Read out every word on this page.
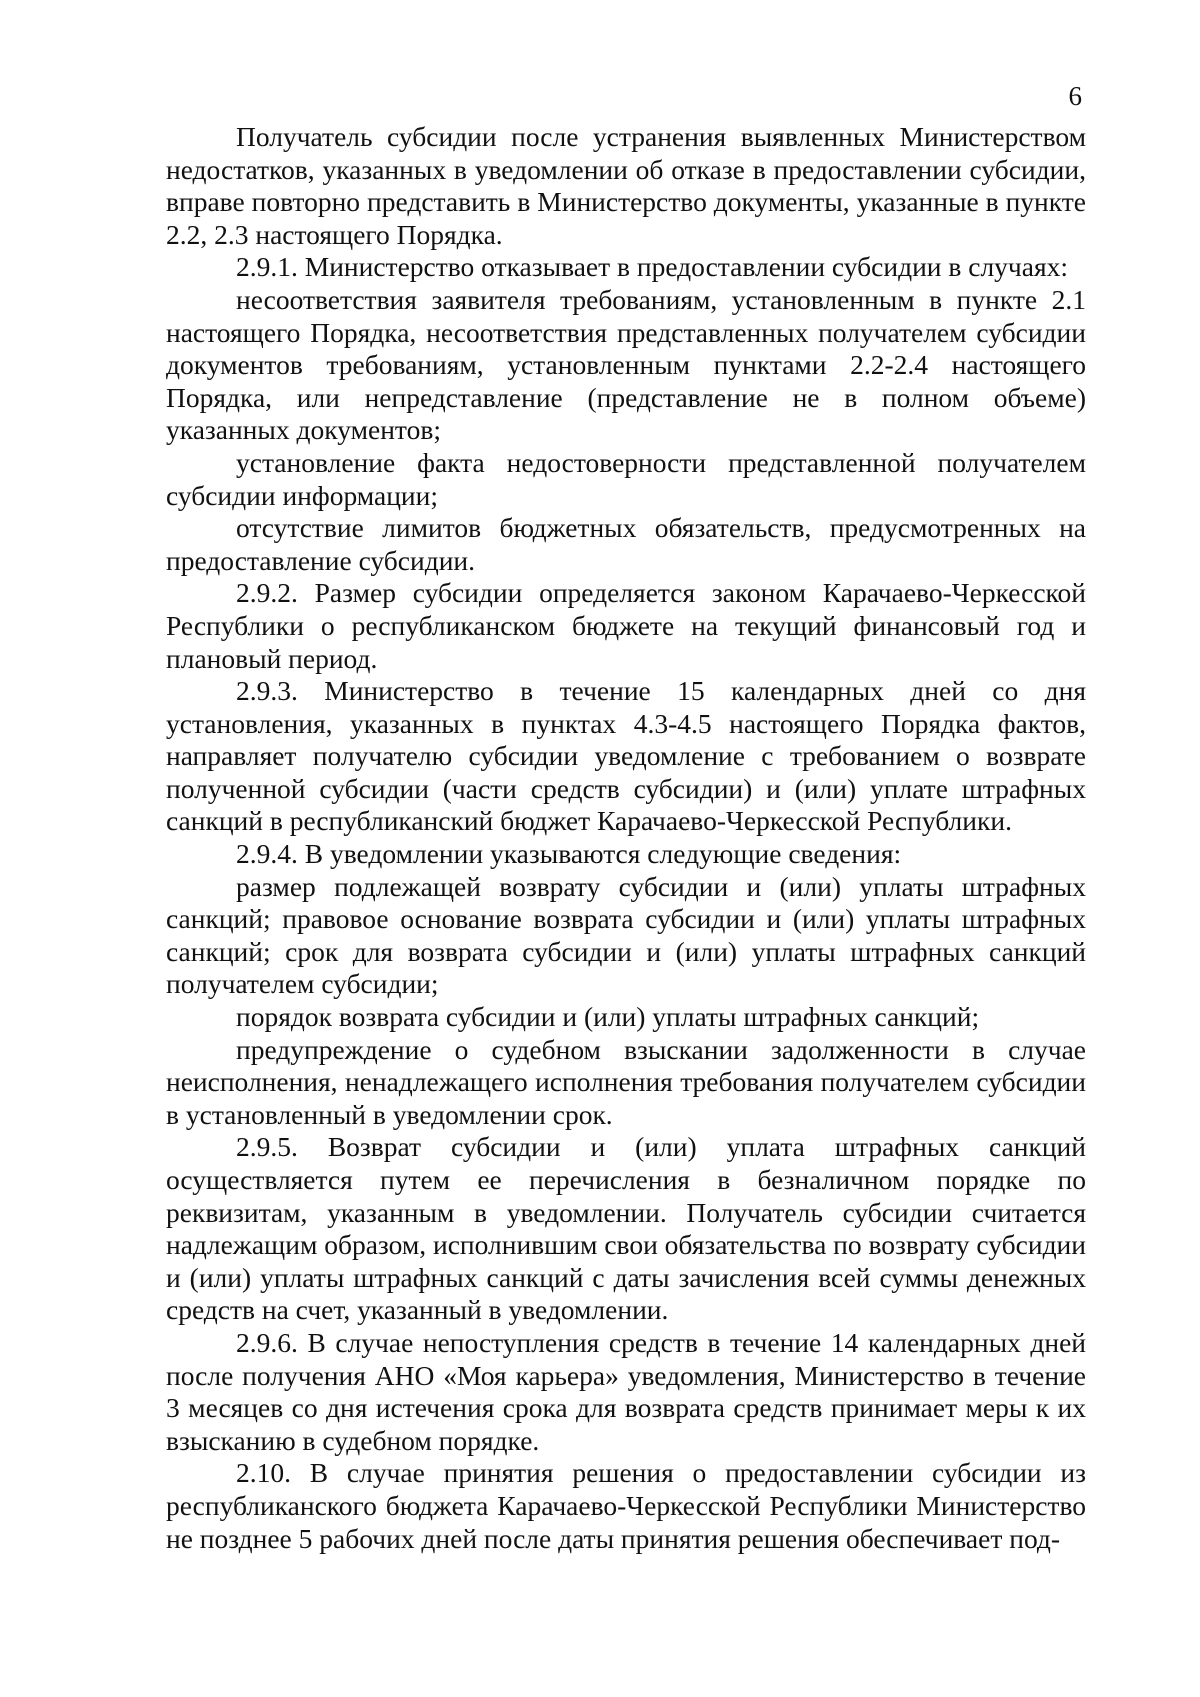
6

Получатель субсидии после устранения выявленных Министерством недостатков, указанных в уведомлении об отказе в предоставлении субсидии, вправе повторно представить в Министерство документы, указанные в пункте 2.2, 2.3 настоящего Порядка.

2.9.1. Министерство отказывает в предоставлении субсидии в случаях:

несоответствия заявителя требованиям, установленным в пункте 2.1 настоящего Порядка, несоответствия представленных получателем субсидии документов требованиям, установленным пунктами 2.2-2.4 настоящего Порядка, или непредставление (представление не в полном объеме) указанных документов;

установление факта недостоверности представленной получателем субсидии информации;

отсутствие лимитов бюджетных обязательств, предусмотренных на предоставление субсидии.

2.9.2. Размер субсидии определяется законом Карачаево-Черкесской Республики о республиканском бюджете на текущий финансовый год и плановый период.

2.9.3. Министерство в течение 15 календарных дней со дня установления, указанных в пунктах 4.3-4.5 настоящего Порядка фактов, направляет получателю субсидии уведомление с требованием о возврате полученной субсидии (части средств субсидии) и (или) уплате штрафных санкций в республиканский бюджет Карачаево-Черкесской Республики.

2.9.4. В уведомлении указываются следующие сведения:

размер подлежащей возврату субсидии и (или) уплаты штрафных санкций; правовое основание возврата субсидии и (или) уплаты штрафных санкций; срок для возврата субсидии и (или) уплаты штрафных санкций получателем субсидии;

порядок возврата субсидии и (или) уплаты штрафных санкций;

предупреждение о судебном взыскании задолженности в случае неисполнения, ненадлежащего исполнения требования получателем субсидии в установленный в уведомлении срок.

2.9.5. Возврат субсидии и (или) уплата штрафных санкций осуществляется путем ее перечисления в безналичном порядке по реквизитам, указанным в уведомлении. Получатель субсидии считается надлежащим образом, исполнившим свои обязательства по возврату субсидии и (или) уплаты штрафных санкций с даты зачисления всей суммы денежных средств на счет, указанный в уведомлении.

2.9.6. В случае непоступления средств в течение 14 календарных дней после получения АНО «Моя карьера» уведомления, Министерство в течение 3 месяцев со дня истечения срока для возврата средств принимает меры к их взысканию в судебном порядке.

2.10. В случае принятия решения о предоставлении субсидии из республиканского бюджета Карачаево-Черкесской Республики Министерство не позднее 5 рабочих дней после даты принятия решения обеспечивает под-
